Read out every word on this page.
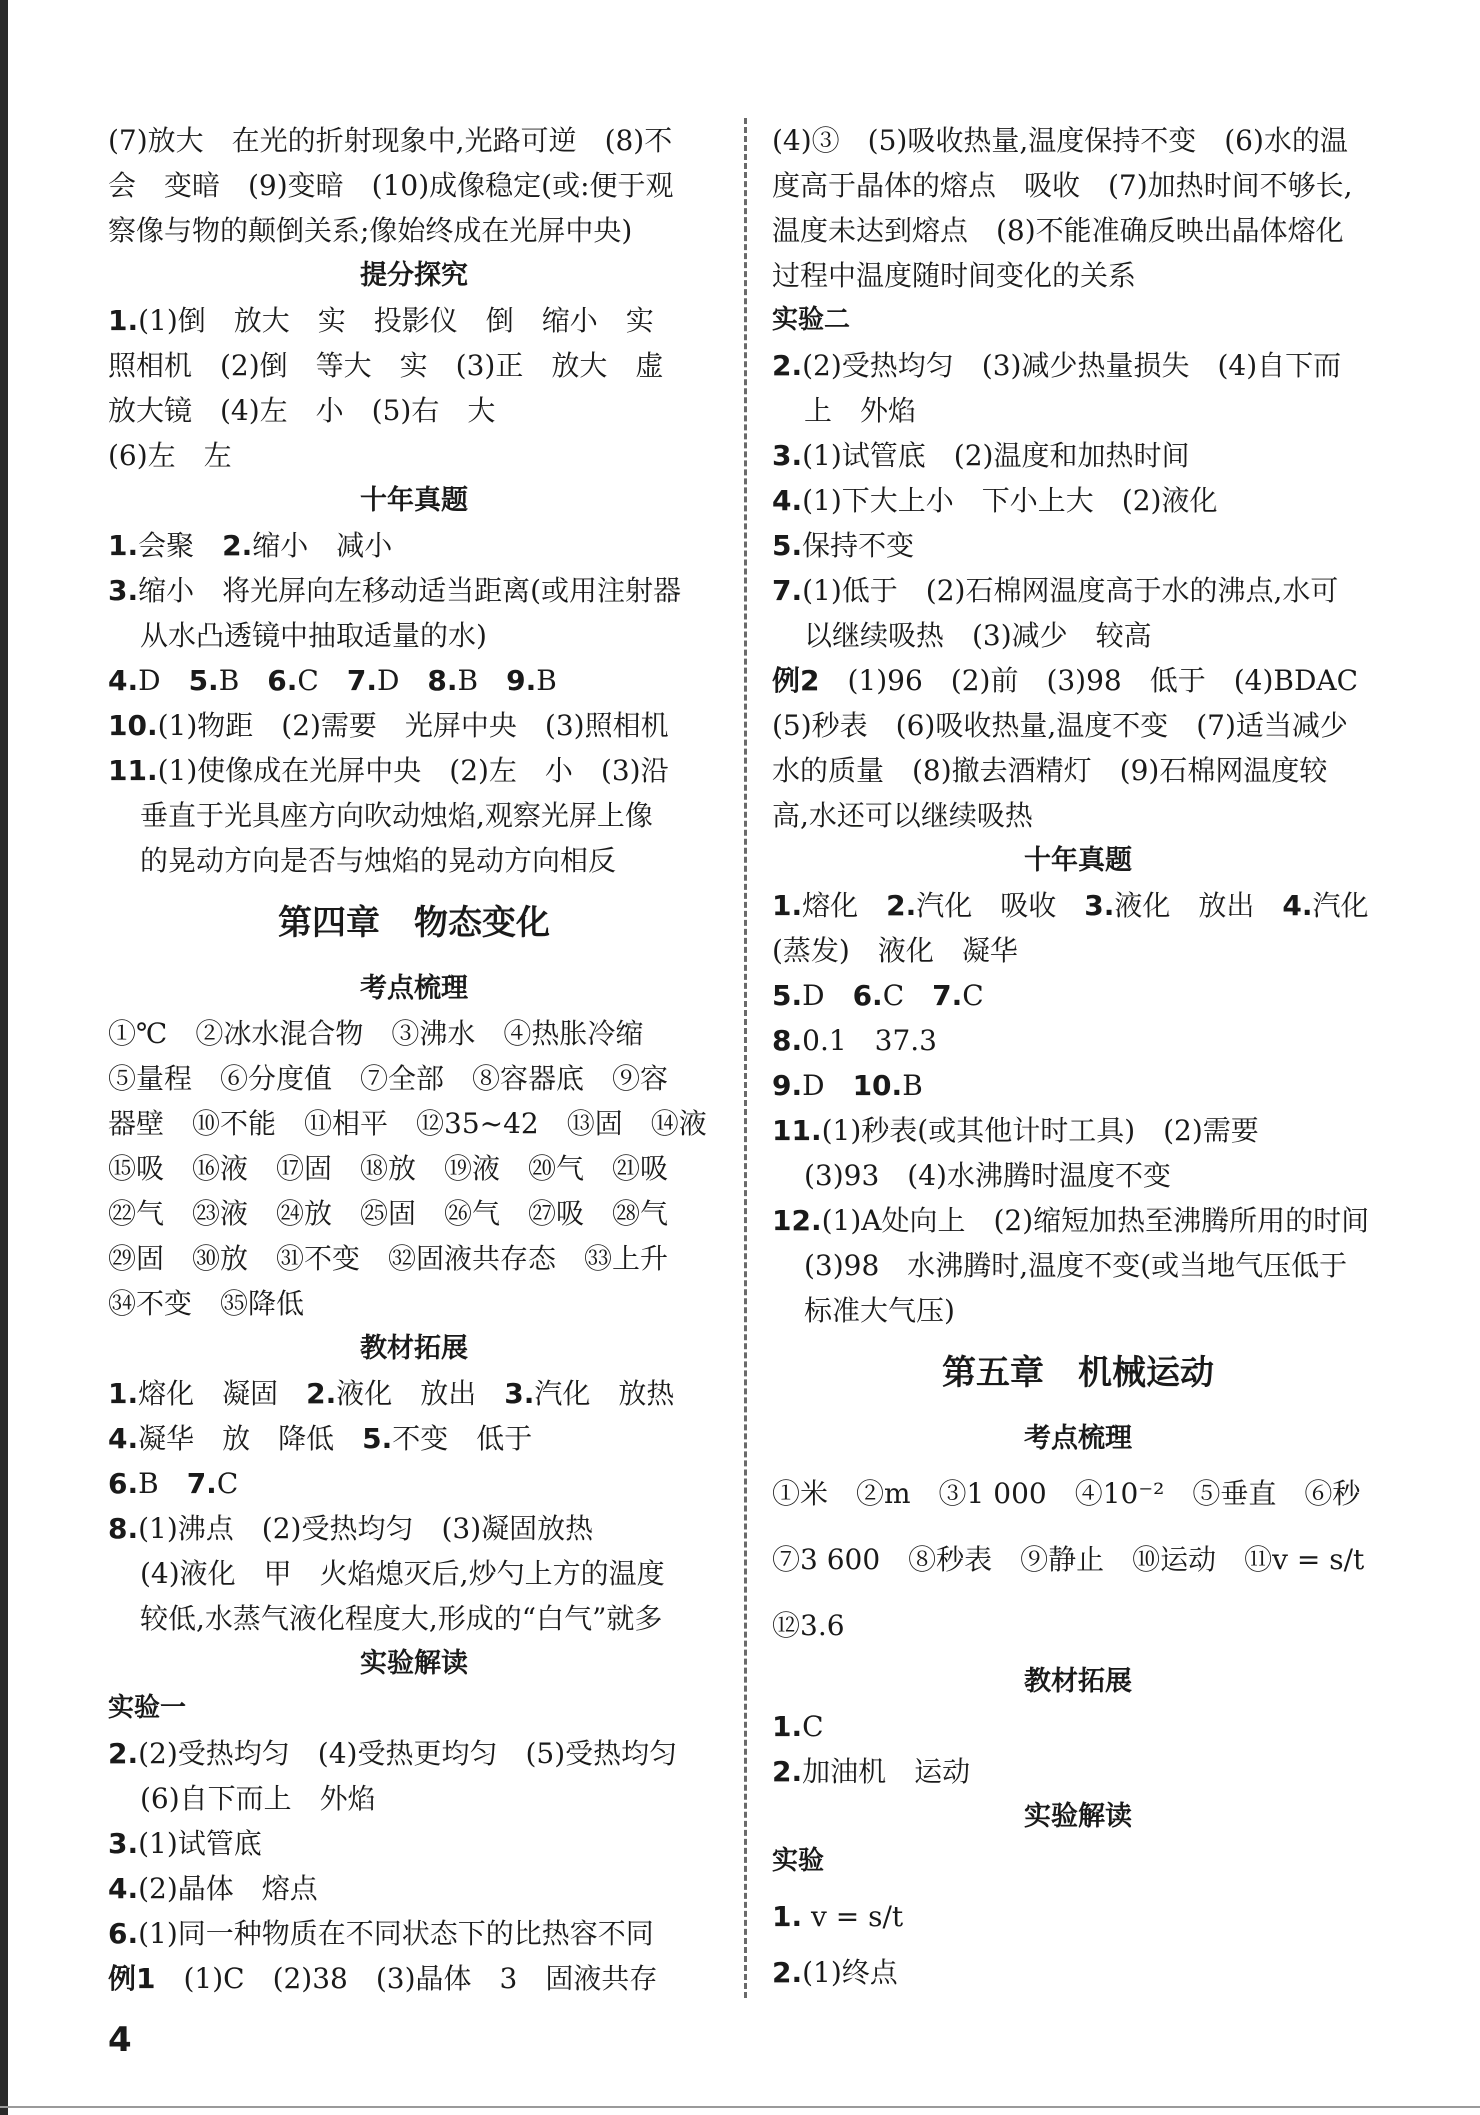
(7)放大　在光的折射现象中,光路可逆　(8)不
会　变暗　(9)变暗　(10)成像稳定(或:便于观
察像与物的颠倒关系;像始终成在光屏中央)
提分探究
1.(1)倒　放大　实　投影仪　倒　缩小　实
照相机　(2)倒　等大　实　(3)正　放大　虚
放大镜　(4)左　小　(5)右　大
(6)左　左
十年真题
1.会聚　2.缩小　减小
3.缩小　将光屏向左移动适当距离(或用注射器
从水凸透镜中抽取适量的水)
4.D　5.B　6.C　7.D　8.B　9.B
10.(1)物距　(2)需要　光屏中央　(3)照相机
11.(1)使像成在光屏中央　(2)左　小　(3)沿
垂直于光具座方向吹动烛焰,观察光屏上像
的晃动方向是否与烛焰的晃动方向相反
第四章　物态变化
考点梳理
①℃　②冰水混合物　③沸水　④热胀冷缩
⑤量程　⑥分度值　⑦全部　⑧容器底　⑨容
器壁　⑩不能　⑪相平　⑫35~42　⑬固　⑭液
⑮吸　⑯液　⑰固　⑱放　⑲液　⑳气　㉑吸
㉒气　㉓液　㉔放　㉕固　㉖气　㉗吸　㉘气
㉙固　㉚放　㉛不变　㉜固液共存态　㉝上升
㉞不变　㉟降低
教材拓展
1.熔化　凝固　2.液化　放出　3.汽化　放热
4.凝华　放　降低　5.不变　低于
6.B　7.C
8.(1)沸点　(2)受热均匀　(3)凝固放热
(4)液化　甲　火焰熄灭后,炒勺上方的温度
较低,水蒸气液化程度大,形成的“白气”就多
实验解读
实验一
2.(2)受热均匀　(4)受热更均匀　(5)受热均匀
(6)自下而上　外焰
3.(1)试管底
4.(2)晶体　熔点
6.(1)同一种物质在不同状态下的比热容不同
例1　(1)C　(2)38　(3)晶体　3　固液共存
(4)③　(5)吸收热量,温度保持不变　(6)水的温
度高于晶体的熔点　吸收　(7)加热时间不够长,
温度未达到熔点　(8)不能准确反映出晶体熔化
过程中温度随时间变化的关系
实验二
2.(2)受热均匀　(3)减少热量损失　(4)自下而
上　外焰
3.(1)试管底　(2)温度和加热时间
4.(1)下大上小　下小上大　(2)液化
5.保持不变
7.(1)低于　(2)石棉网温度高于水的沸点,水可
以继续吸热　(3)减少　较高
例2　(1)96　(2)前　(3)98　低于　(4)BDAC
(5)秒表　(6)吸收热量,温度不变　(7)适当减少
水的质量　(8)撤去酒精灯　(9)石棉网温度较
高,水还可以继续吸热
十年真题
1.熔化　2.汽化　吸收　3.液化　放出　4.汽化
(蒸发)　液化　凝华
5.D　6.C　7.C
8.0.1　37.3
9.D　10.B
11.(1)秒表(或其他计时工具)　(2)需要
(3)93　(4)水沸腾时温度不变
12.(1)A处向上　(2)缩短加热至沸腾所用的时间
(3)98　水沸腾时,温度不变(或当地气压低于
标准大气压)
第五章　机械运动
考点梳理
①米　②m　③1 000　④10⁻²　⑤垂直　⑥秒
⑦3 600　⑧秒表　⑨静止　⑩运动　⑪v = s/t
⑫3.6
教材拓展
1.C
2.加油机　运动
实验解读
实验
1. v = s/t
2.(1)终点
4
